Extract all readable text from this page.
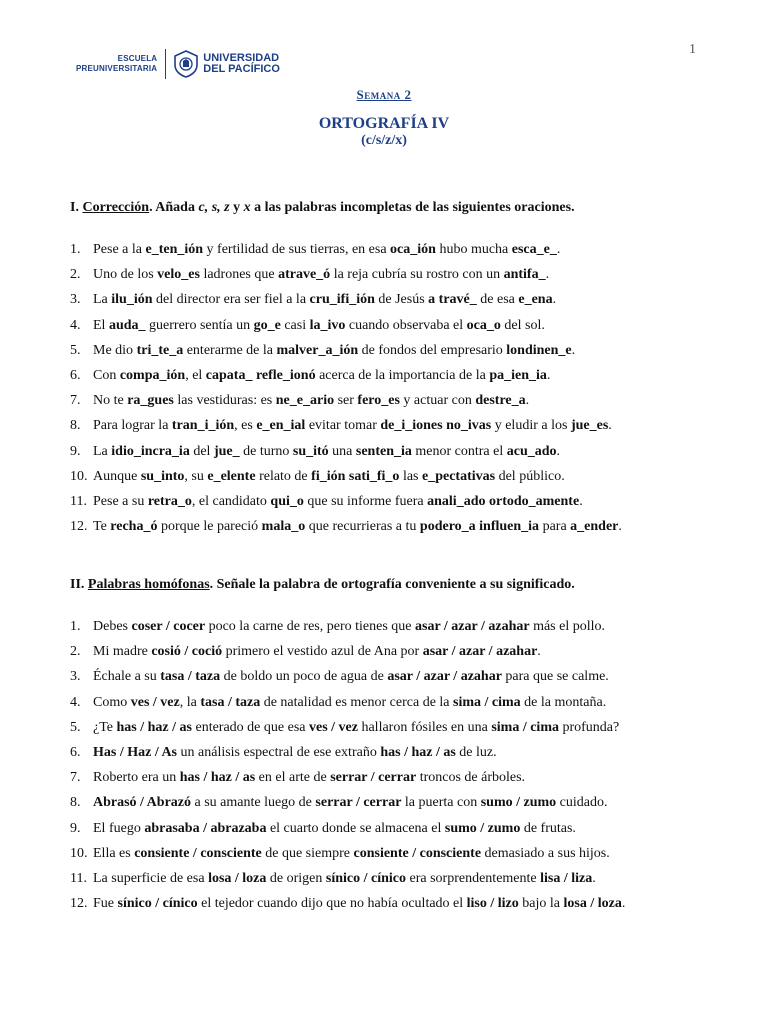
1
ESCUELA
PREUNIVERSITARIA
UNIVERSIDAD
DEL PACÍFICO
Semana 2
ORTOGRAFÍA IV
(c/s/z/x)
I. Corrección. Añada c, s, z y x a las palabras incompletas de las siguientes oraciones.
1. Pese a la e_ten_ión y fertilidad de sus tierras, en esa oca_ión hubo mucha esca_e_.
2. Uno de los velo_es ladrones que atrave_ó la reja cubría su rostro con un antifa_.
3. La ilu_ión del director era ser fiel a la cru_ifi_ión de Jesús a travé_ de esa e_ena.
4. El auda_ guerrero sentía un go_e casi la_ivo cuando observaba el oca_o del sol.
5. Me dio tri_te_a enterarme de la malver_a_ión de fondos del empresario londinen_e.
6. Con compa_ión, el capata_ refle_ionó acerca de la importancia de la pa_ien_ia.
7. No te ra_gues las vestiduras: es ne_e_ario ser fero_es y actuar con destre_a.
8. Para lograr la tran_i_ión, es e_en_ial evitar tomar de_i_iones no_ivas y eludir a los jue_es.
9. La idio_incra_ia del jue_ de turno su_itó una senten_ia menor contra el acu_ado.
10. Aunque su_into, su e_elente relato de fi_ión sati_fi_o las e_pectativas del público.
11. Pese a su retra_o, el candidato qui_o que su informe fuera anali_ado ortodo_amente.
12. Te recha_ó porque le pareció mala_o que recurrieras a tu podero_a influen_ia para a_ender.
II. Palabras homófonas. Señale la palabra de ortografía conveniente a su significado.
1. Debes coser / cocer poco la carne de res, pero tienes que asar / azar / azahar más el pollo.
2. Mi madre cosió / coció primero el vestido azul de Ana por asar / azar / azahar.
3. Échale a su tasa / taza de boldo un poco de agua de asar / azar / azahar para que se calme.
4. Como ves / vez, la tasa / taza de natalidad es menor cerca de la sima / cima de la montaña.
5. ¿Te has / haz / as enterado de que esa ves / vez hallaron fósiles en una sima / cima profunda?
6. Has / Haz / As un análisis espectral de ese extraño has / haz / as de luz.
7. Roberto era un has / haz / as en el arte de serrar / cerrar troncos de árboles.
8. Abrasó / Abrazó a su amante luego de serrar / cerrar la puerta con sumo / zumo cuidado.
9. El fuego abrasaba / abrazaba el cuarto donde se almacena el sumo / zumo de frutas.
10. Ella es consiente / consciente de que siempre consiente / consciente demasiado a sus hijos.
11. La superficie de esa losa / loza de origen sínico / cínico era sorprendentemente lisa / liza.
12. Fue sínico / cínico el tejedor cuando dijo que no había ocultado el liso / lizo bajo la losa / loza.
